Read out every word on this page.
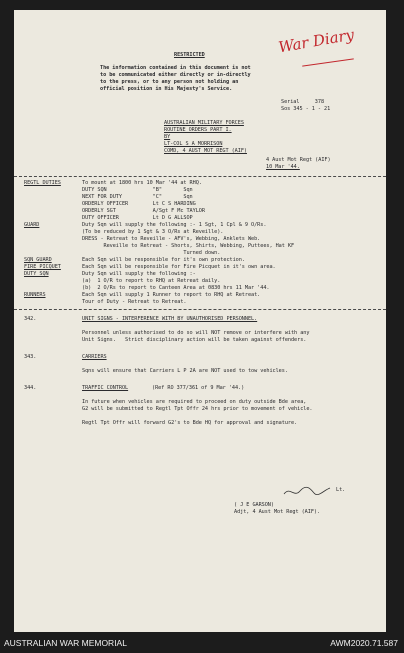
War Diary
RESTRICTED
The information contained in this document is not
to be communicated either directly or in-directly
to the press, or to any person not holding an
official position in His Majesty's Service.
Serial     378
Sos 345 - 1 - 21
AUSTRALIAN MILITARY FORCES
ROUTINE ORDERS PART I.
BY
LT-COL S A MORRISON
COMD, 4 AUST MOT REGT (AIF)
4 Aust Mot Regt (AIF)
10 Mar '44.
REGTL DUTIES	To mount at 1800 hrs 10 Mar '44 at RHQ.
DUTY SQN               "B"       Sqn
NEXT FOR DUTY          "C"       Sqn
ORDERLY OFFICER        Lt C S HARDING
ORDERLY SGT            A/Sgt F Mc TAYLOR
DUTY OFFICER           Lt D G ALLSOP
GUARD	Duty Sqn will supply the following :- 1 Sgt, 1 Cpl & 9 O/Rs.
(To be reduced by 1 Sgt & 3 O/Rs at Reveille).
DRESS - Retreat to Reveille - AFV's, Webbing, Anklets Web.
Reveille to Retreat - Shorts, Shirts, Webbing, Puttees, Hat KF
Turned down.
SQN GUARD	Each Sqn will be responsible for it's own protection.
FIRE PICQUET	Each Sqn will be responsible for Fire Picquet in it's own area.
DUTY SQN	Duty Sqn will supply the following :-
(a)  1 O/R to report to RHQ at Retreat daily.
(b)  2 O/Rs to report to Canteen Area at 0830 hrs 11 Mar '44.
RUNNERS	Each Sqn will supply 1 Runner to report to RHQ at Retreat.
Tour of Duty - Retreat to Retreat.
342.	UNIT SIGNS - INTERFERENCE WITH BY UNAUTHORISED PERSONNEL.
Personnel unless authorised to do so will NOT remove or interfere with any
Unit Signs.   Strict disciplinary action will be taken against offenders.
343.	CARRIERS
Sqns will ensure that Carriers L P 2A are NOT used to tow vehicles.
344.	TRAFFIC CONTROL	(Ref RO 377/361 of 9 Mar '44.)
In future when vehicles are required to proceed on duty outside Bde area,
G2 will be submitted to Regtl Tpt Offr 24 hrs prior to movement of vehicle.
Regtl Tpt Offr will forward G2's to Bde HQ for approval and signature.
Lt.
( J E GARSON)
Adjt, 4 Aust Mot Regt (AIF).
AUSTRALIAN WAR MEMORIAL	AWM2020.71.587
